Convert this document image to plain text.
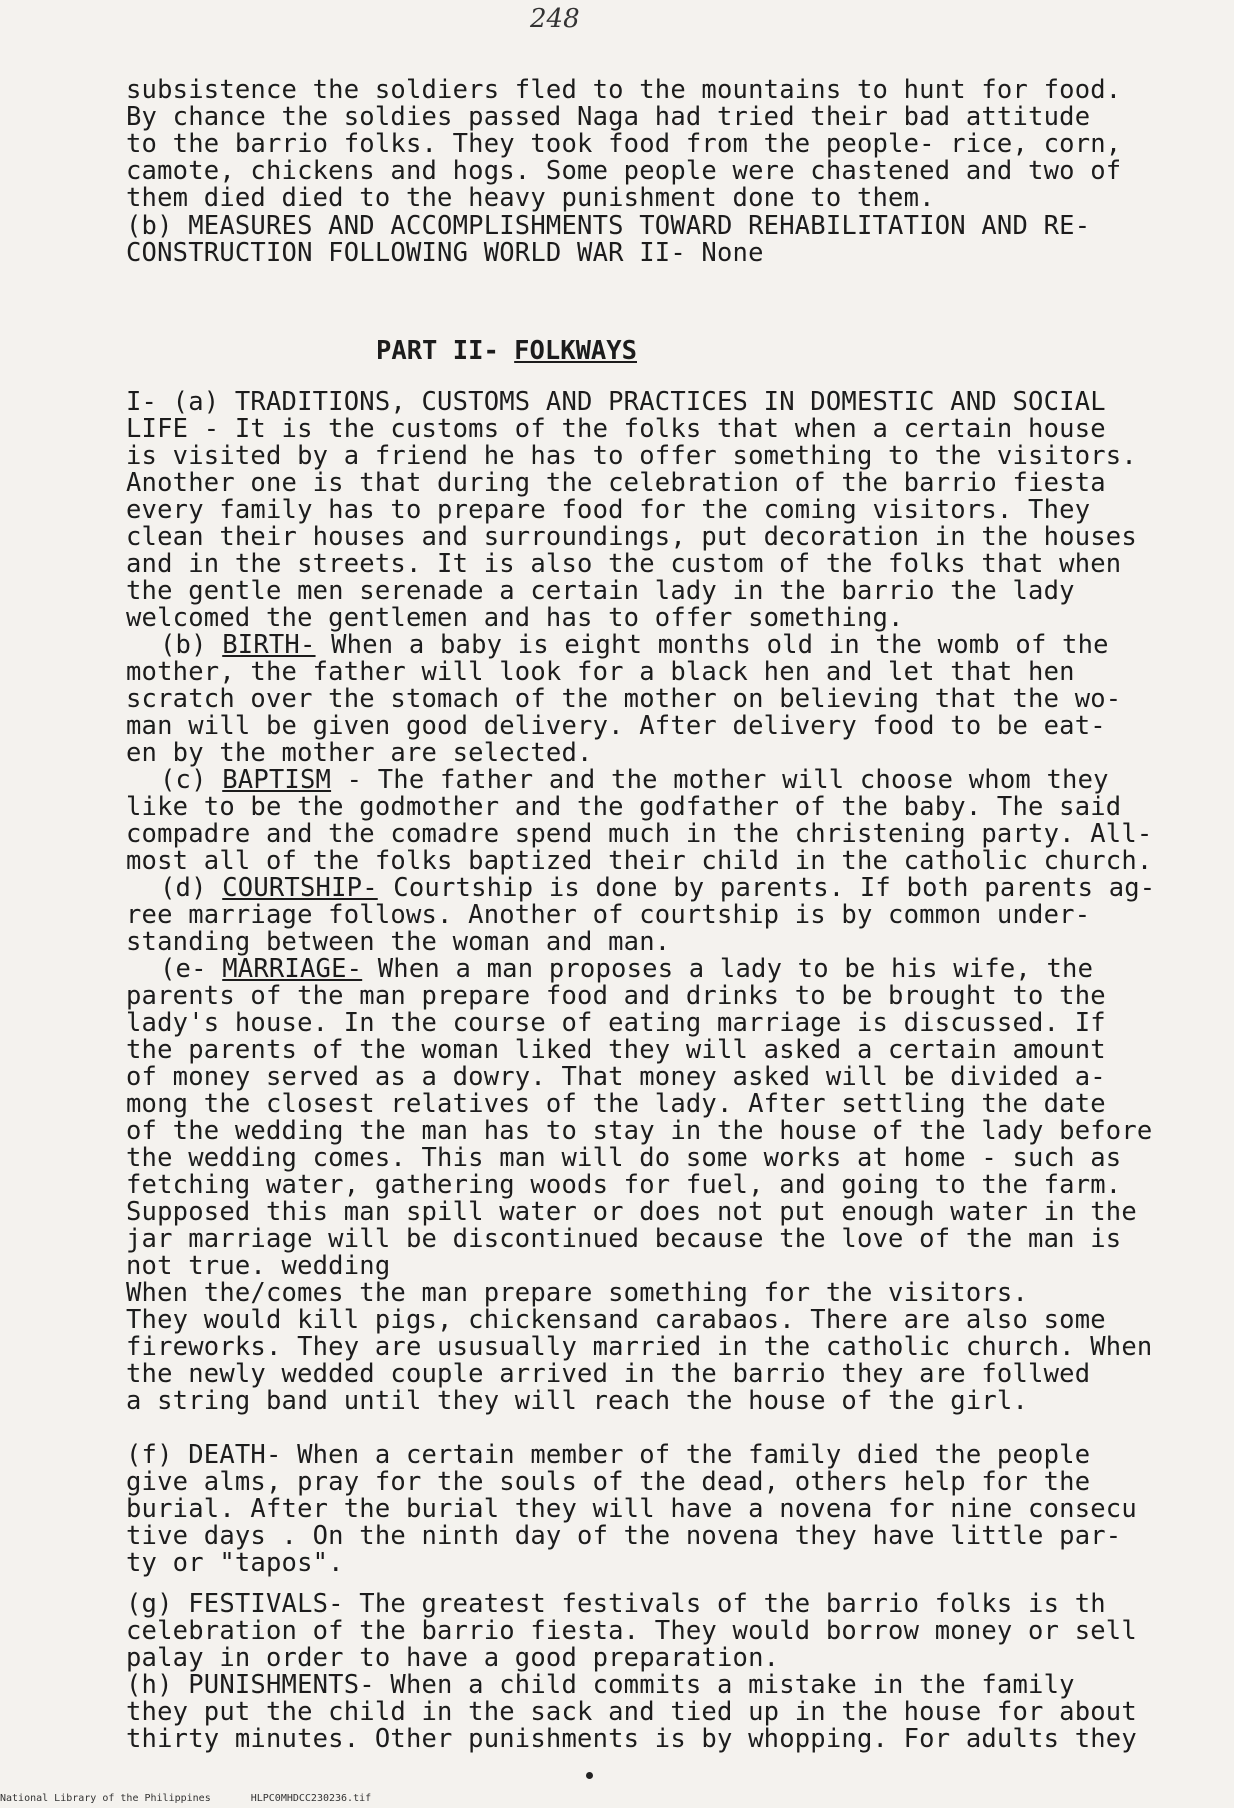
248
subsistence the soldiers fled to the mountains to hunt for food.
By chance the soldies passed Naga had tried their bad attitude
to the barrio folks. They took food from the people- rice, corn,
camote, chickens and hogs. Some people were chastened and two of
them died died to the heavy punishment done to them.
(b) MEASURES AND ACCOMPLISHMENTS TOWARD REHABILITATION AND RE-
CONSTRUCTION FOLLOWING WORLD WAR II- None
PART II- FOLKWAYS
I- (a) TRADITIONS, CUSTOMS AND PRACTICES IN DOMESTIC AND SOCIAL
LIFE - It is the customs of the folks that when a certain house
is visited by a friend he has to offer something to the visitors.
Another one is that during the celebration of the barrio fiesta
every family has to prepare food for the coming visitors. They
clean their houses and surroundings, put decoration in the houses
and in the streets. It is also the custom of the folks that when
the gentle men serenade a certain lady in the barrio the lady
welcomed the gentlemen and has to offer something.
(b) BIRTH- When a baby is eight months old in the womb of the
mother, the father will look for a black hen and let that hen
scratch over the stomach of the mother on believing that the wo-
man will be given good delivery. After delivery food to be eat-
en by the mother are selected.
(c) BAPTISM - The father and the mother will choose whom they
like to be the godmother and the godfather of the baby. The said
compadre and the comadre spend much in the christening party. All-
most all of the folks baptized their child in the catholic church.
(d) COURTSHIP- Courtship is done by parents. If both parents ag-
ree marriage follows. Another of courtship is by common under-
standing between the woman and man.
(e- MARRIAGE- When a man proposes a lady to be his wife, the
parents of the man prepare food and drinks to be brought to the
lady's house. In the course of eating marriage is discussed. If
the parents of the woman liked they will asked a certain amount
of money served as a dowry. That money asked will be divided a-
mong the closest relatives of the lady. After settling the date
of the wedding the man has to stay in the house of the lady before
the wedding comes. This man will do some works at home - such as
fetching water, gathering woods for fuel, and going to the farm.
Supposed this man spill water or does not put enough water in the
jar marriage will be discontinued because the love of the man is
not true. wedding
When the/comes the man prepare something for the visitors.
They would kill pigs, chickensand carabaos. There are also some
fireworks. They are ususually married in the catholic church. When
the newly wedded couple arrived in the barrio they are follwed
a string band until they will reach the house of the girl.
(f) DEATH- When a certain member of the family died the people
give alms, pray for the souls of the dead, others help for the
burial. After the burial they will have a novena for nine consecu
tive days . On the ninth day of the novena they have little par-
ty or "tapos".
(g) FESTIVALS- The greatest festivals of the barrio folks is th
celebration of the barrio fiesta. They would borrow money or sell
palay in order to have a good preparation.
(h) PUNISHMENTS- When a child commits a mistake in the family
they put the child in the sack and tied up in the house for about
thirty minutes. Other punishments is by whopping. For adults they
National Library of the Philippines	HLPC0MHDCC230236.tif
